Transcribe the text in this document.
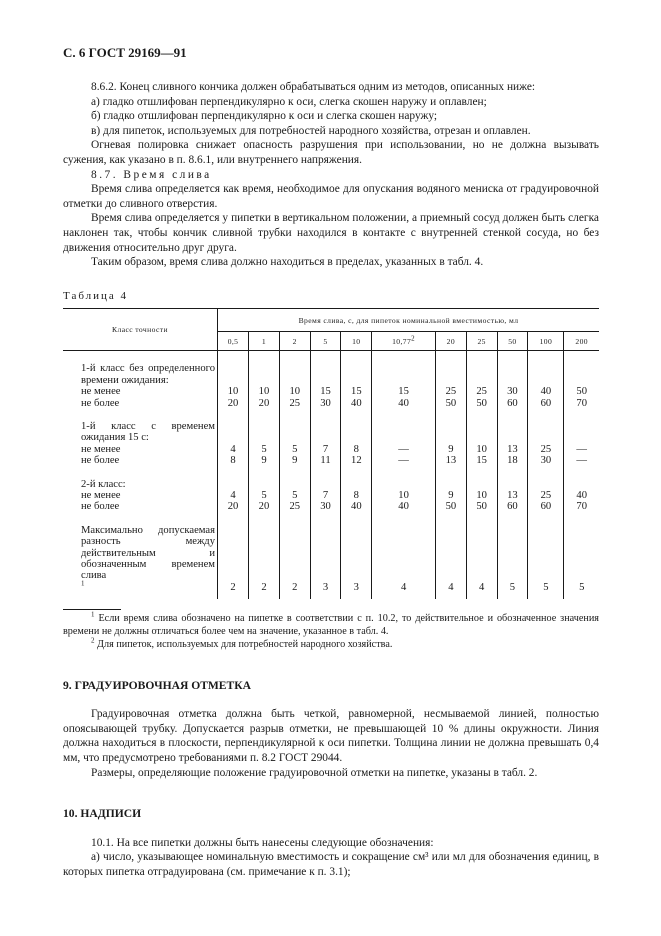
С. 6 ГОСТ 29169—91

8.6.2. Конец сливного кончика должен обрабатываться одним из методов, описанных ниже:

а) гладко отшлифован перпендикулярно к оси, слегка скошен наружу и оплавлен;

б) гладко отшлифован перпендикулярно к оси и слегка скошен наружу;

в) для пипеток, используемых для потребностей народного хозяйства, отрезан и оплавлен.

Огневая полировка снижает опасность разрушения при использовании, но не должна вызывать сужения, как указано в п. 8.6.1, или внутреннего напряжения.

8.7. Время слива

Время слива определяется как время, необходимое для опускания водяного мениска от градуировочной отметки до сливного отверстия.

Время слива определяется у пипетки в вертикальном положении, а приемный сосуд должен быть слегка наклонен так, чтобы кончик сливной трубки находился в контакте с внутренней стенкой сосуда, но без движения относительно друг друга.

Таким образом, время слива должно находиться в пределах, указанных в табл. 4.

Таблица 4

Класс точности	Время слива, с, для пипеток номинальной вместимостью, мл										
	0,5	1	2	5	10	10,77$^2$	20	25	50	100	200

1-й класс без определенного времени ожидания:											

не менее	10	10	10	15	15	15	25	25	30	40	50

не более	20	20	25	30	40	40	50	50	60	60	70

1-й класс с временем ожидания 15 с:											

не менее	4	5	5	7	8	—	9	10	13	25	—

не более	8	9	9	11	12	—	13	15	18	30	—

2-й класс:											

не менее	4	5	5	7	8	10	9	10	13	25	40

не более	20	20	25	30	40	40	50	50	60	60	70

Максимально допускаемая разность между действительным и обозначенным временем слива
$^1$	2	2	2	3	3	4	4	4	5	5	5

$^1$ Если время слива обозначено на пипетке в соответствии с п. 10.2, то действительное и обозначенное значения времени не должны отличаться более чем на значение, указанное в табл. 4.

$^2$ Для пипеток, используемых для потребностей народного хозяйства.

9. ГРАДУИРОВОЧНАЯ ОТМЕТКА

Градуировочная отметка должна быть четкой, равномерной, несмываемой линией, полностью опоясывающей трубку. Допускается разрыв отметки, не превышающей 10 % длины окружности. Линия должна находиться в плоскости, перпендикулярной к оси пипетки. Толщина линии не должна превышать 0,4 мм, что предусмотрено требованиями п. 8.2 ГОСТ 29044.

Размеры, определяющие положение градуировочной отметки на пипетке, указаны в табл. 2.

10. НАДПИСИ

10.1. На все пипетки должны быть нанесены следующие обозначения:

а) число, указывающее номинальную вместимость и сокращение см³ или мл для обозначения единиц, в которых пипетка отградуирована (см. примечание к п. 3.1);
